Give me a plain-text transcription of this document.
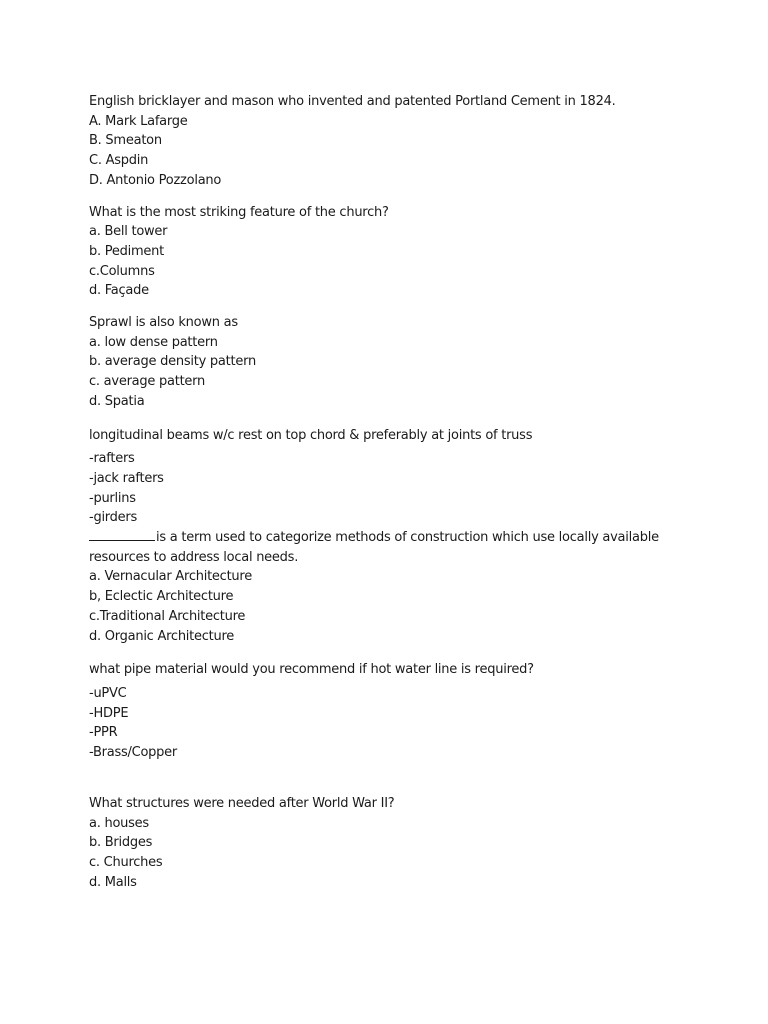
English bricklayer and mason who invented and patented Portland Cement in 1824.
A. Mark Lafarge
B. Smeaton
C. Aspdin
D. Antonio Pozzolano
What is the most striking feature of the church?
a. Bell tower
b. Pediment
c.Columns
d. Façade
Sprawl is also known as
a. low dense pattern
b. average density pattern
c. average pattern
d. Spatia
longitudinal beams w/c rest on top chord & preferably at joints of truss
-rafters
-jack rafters
-purlins
-girders
is a term used to categorize methods of construction which use locally available
resources to address local needs.
a. Vernacular Architecture
b, Eclectic Architecture
c.Traditional Architecture
d. Organic Architecture
what pipe material would you recommend if hot water line is required?
-uPVC
-HDPE
-PPR
-Brass/Copper
What structures were needed after World War II?
a. houses
b. Bridges
c. Churches
d. Malls
